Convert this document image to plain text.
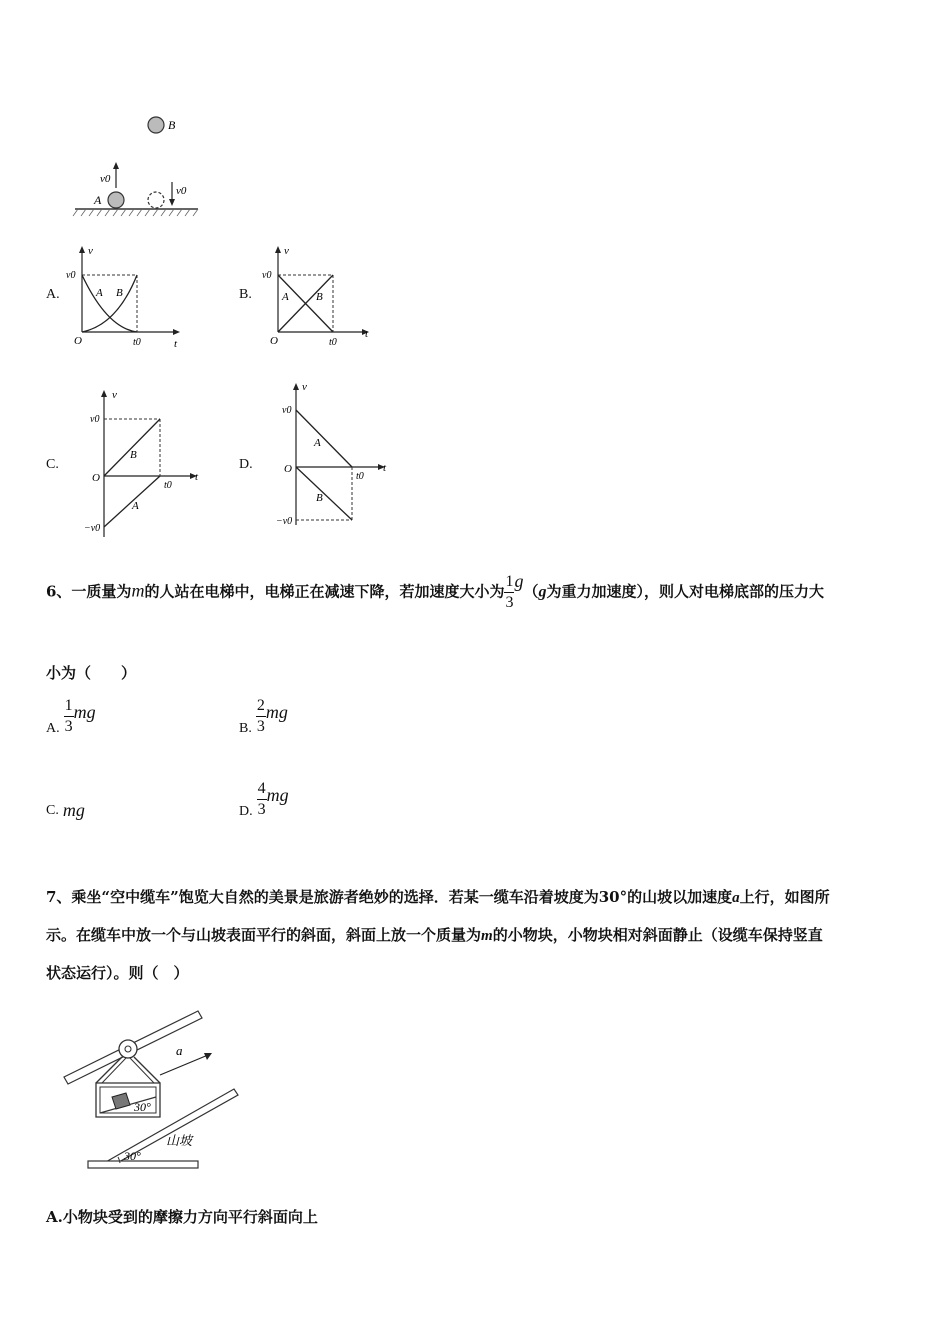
B
A
v0
v0
A.
v
t
O
v0
t0
A B	B.
v
t
O
v0
t0
A B
C.
v
t
O
v0
−v0
t0
A
B
D.
v
t
O
v0
−v0
t0
A
B
6、一质量为m的人站在电梯中，电梯正在减速下降，若加速度大小为 $\frac{1}{3} g(g$为重力加速度），则人对电梯底部的压力大
小为（　　）
A. $\frac{1}{3}$ mg
B. $\frac{2}{3}$ mg
C. mg	D. $\frac{4}{3}$ mg
7、乘坐“空中缆车”饱览大自然的美景是旅游者绝妙的选择．若某一缆车沿着坡度为30°的山坡以加速度a上行，如图所
示。在缆车中放一个与山坡表面平行的斜面，斜面上放一个质量为m的小物块，小物块相对斜面静止（设缆车保持竖直
状态运行）。则（　）
30°
a
30°
山坡
A.小物块受到的摩擦力方向平行斜面向上
